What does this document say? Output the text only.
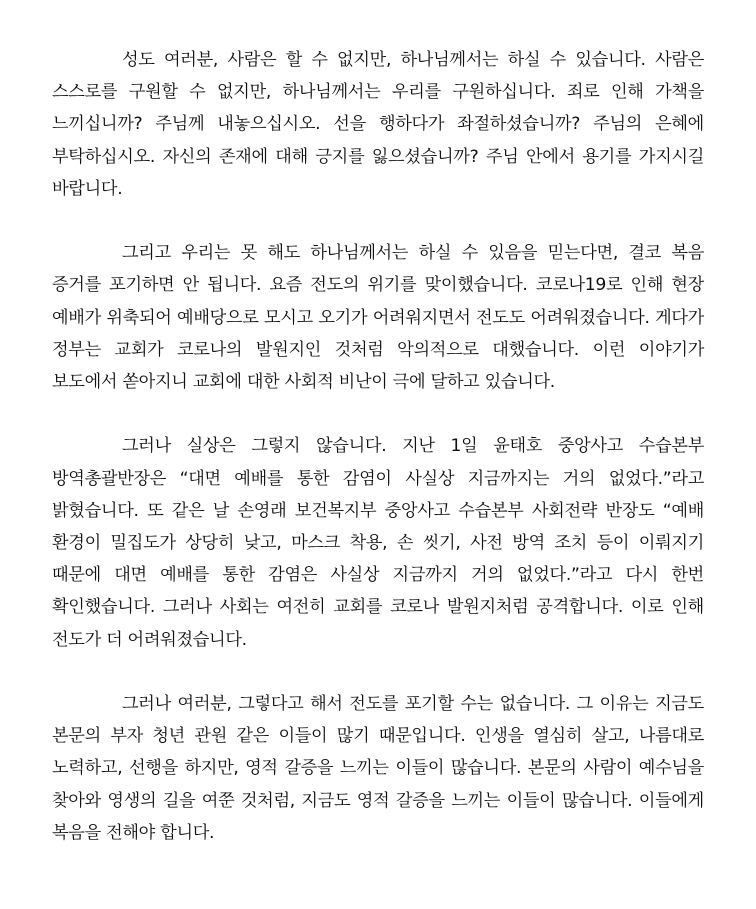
성도 여러분, 사람은 할 수 없지만, 하나님께서는 하실 수 있습니다. 사람은 스스로를 구원할 수 없지만, 하나님께서는 우리를 구원하십니다. 죄로 인해 가책을 느끼십니까? 주님께 내놓으십시오. 선을 행하다가 좌절하셨습니까? 주님의 은혜에 부탁하십시오. 자신의 존재에 대해 긍지를 잃으셨습니까? 주님 안에서 용기를 가지시길 바랍니다.

그리고 우리는 못 해도 하나님께서는 하실 수 있음을 믿는다면, 결코 복음 증거를 포기하면 안 됩니다. 요즘 전도의 위기를 맞이했습니다. 코로나19로 인해 현장 예배가 위축되어 예배당으로 모시고 오기가 어려워지면서 전도도 어려워졌습니다. 게다가 정부는 교회가 코로나의 발원지인 것처럼 악의적으로 대했습니다. 이런 이야기가 보도에서 쏟아지니 교회에 대한 사회적 비난이 극에 달하고 있습니다.

그러나 실상은 그렇지 않습니다. 지난 1일 윤태호 중앙사고 수습본부 방역총괄반장은 “대면 예배를 통한 감염이 사실상 지금까지는 거의 없었다.”라고 밝혔습니다. 또 같은 날 손영래 보건복지부 중앙사고 수습본부 사회전략 반장도 “예배 환경이 밀집도가 상당히 낮고, 마스크 착용, 손 씻기, 사전 방역 조치 등이 이뤄지기 때문에 대면 예배를 통한 감염은 사실상 지금까지 거의 없었다.”라고 다시 한번 확인했습니다. 그러나 사회는 여전히 교회를 코로나 발원지처럼 공격합니다. 이로 인해 전도가 더 어려워졌습니다.

그러나 여러분, 그렇다고 해서 전도를 포기할 수는 없습니다. 그 이유는 지금도 본문의 부자 청년 관원 같은 이들이 많기 때문입니다. 인생을 열심히 살고, 나름대로 노력하고, 선행을 하지만, 영적 갈증을 느끼는 이들이 많습니다. 본문의 사람이 예수님을 찾아와 영생의 길을 여쭌 것처럼, 지금도 영적 갈증을 느끼는 이들이 많습니다. 이들에게 복음을 전해야 합니다.
